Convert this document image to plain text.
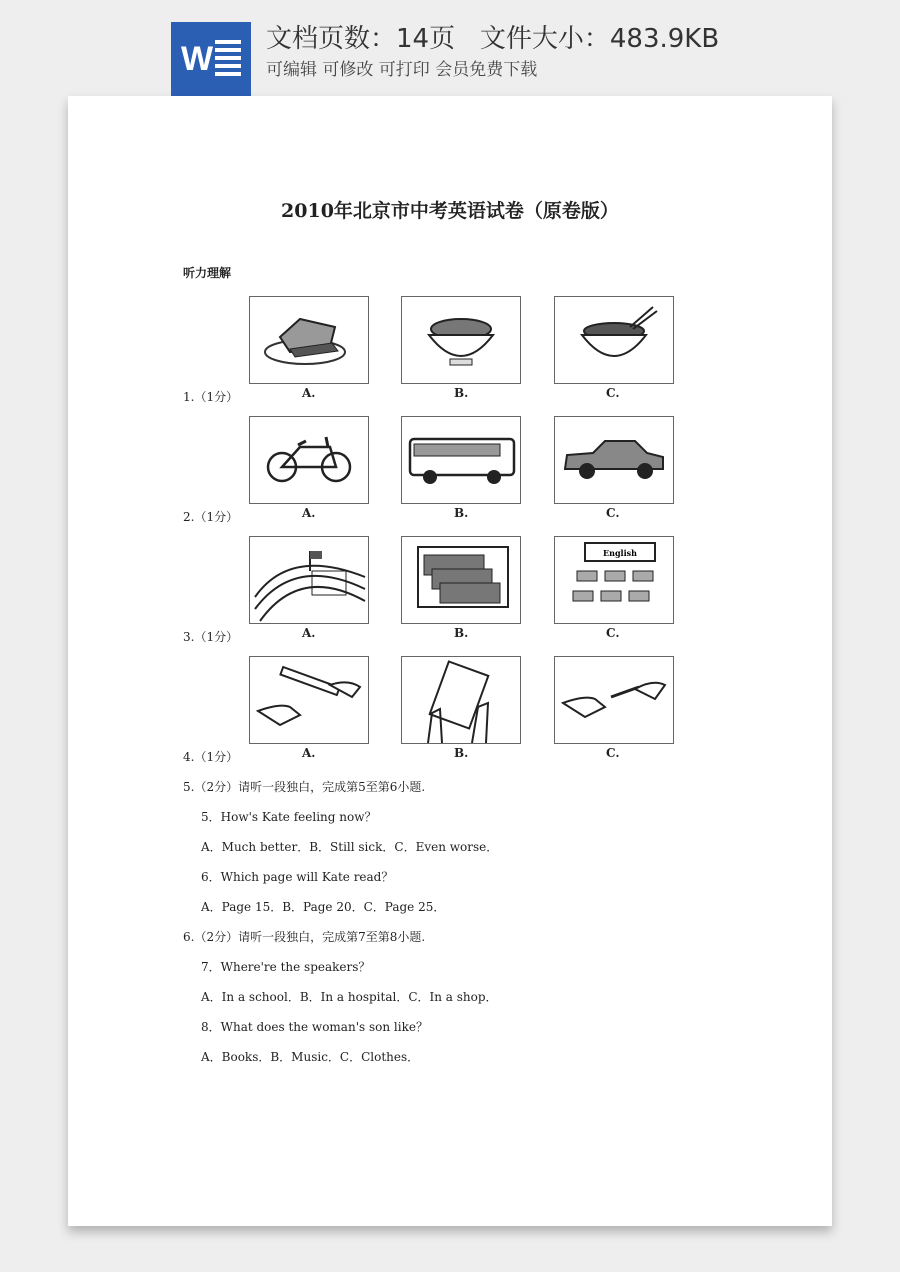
W
文档页数：14页   文件大小：483.9KB
可编辑 可修改 可打印 会员免费下载
2010年北京市中考英语试卷（原卷版）
听力理解
1.（1分）	A.	B.	C.
2.（1分）	A.	B.	C.
English
3.（1分）	A.	B.	C.
4.（1分）	A.	B.	C.
5.（2分）请听一段独白，完成第5至第6小题.
5．How's Kate feeling now？
A．Much better．B．Still sick．C．Even worse．
6．Which page will Kate read？
A．Page 15．B．Page 20．C．Page 25．
6.（2分）请听一段独白，完成第7至第8小题.
7．Where're the speakers？
A．In a school．B．In a hospital．C．In a shop．
8．What does the woman's son like？
A．Books．B．Music．C．Clothes．
